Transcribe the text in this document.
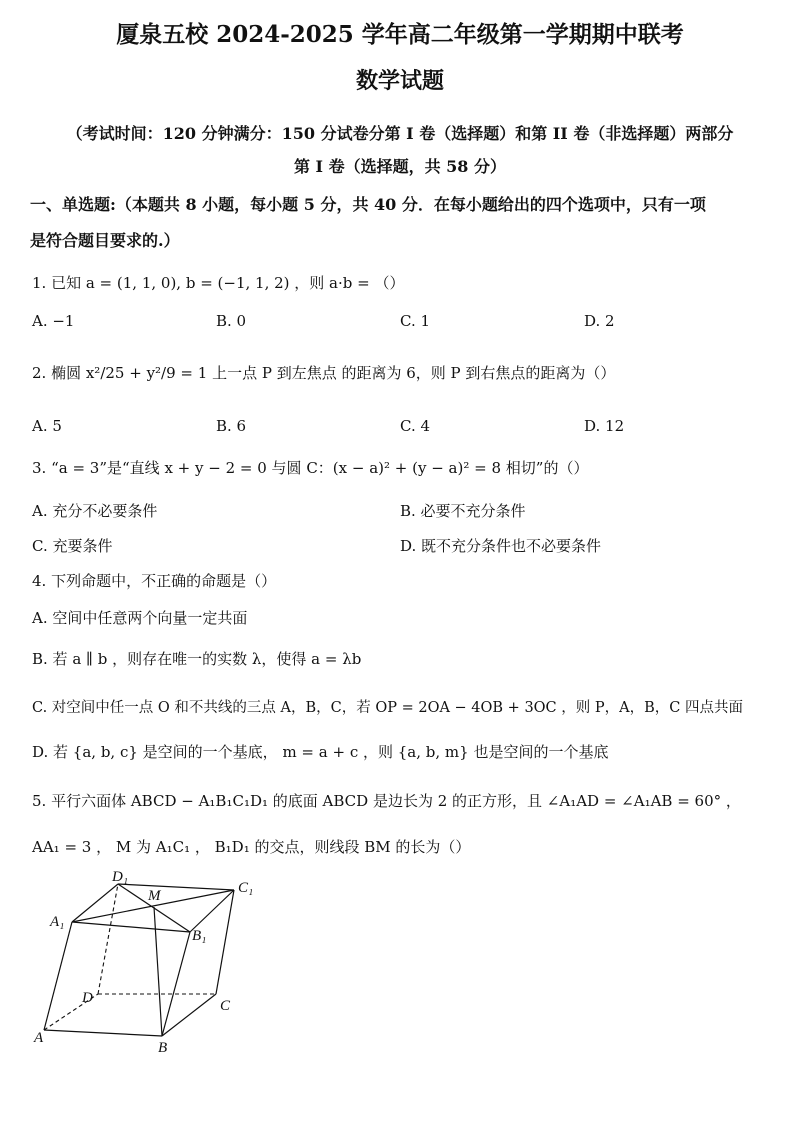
厦泉五校 2024-2025 学年高二年级第一学期期中联考
数学试题
（考试时间：120 分钟满分：150 分试卷分第 I 卷（选择题）和第 II 卷（非选择题）两部分
第 I 卷（选择题，共 58 分）
一、单选题:（本题共 8 小题，每小题 5 分，共 40 分．在每小题给出的四个选项中，只有一项
是符合题目要求的.）
1. 已知 a = (1, 1, 0), b = (−1, 1, 2) ，则 a·b = （）
A. −1	B. 0	C. 1	D. 2
2. 椭圆 x²/25 + y²/9 = 1 上一点 P 到左焦点 的距离为 6，则 P 到右焦点的距离为（）
A. 5	B. 6	C. 4	D. 12
3. “a = 3”是“直线 x + y − 2 = 0 与圆 C：(x − a)² + (y − a)² = 8 相切”的（）
A. 充分不必要条件	B. 必要不充分条件
C. 充要条件	D. 既不充分条件也不必要条件
4. 下列命题中，不正确的命题是（）
A. 空间中任意两个向量一定共面
B. 若 a ∥ b ，则存在唯一的实数 λ，使得 a = λb
C. 对空间中任一点 O 和不共线的三点 A，B，C，若 OP = 2OA − 4OB + 3OC ，则 P，A，B，C 四点共面
D. 若 {a, b, c} 是空间的一个基底， m = a + c ，则 {a, b, m} 也是空间的一个基底
5. 平行六面体 ABCD − A₁B₁C₁D₁ 的底面 ABCD 是边长为 2 的正方形，且 ∠A₁AD = ∠A₁AB = 60° ，
AA₁ = 3 ， M 为 A₁C₁ ， B₁D₁ 的交点，则线段 BM 的长为（）
D₁
M	C₁
A₁
B₁
D	C
A
B
